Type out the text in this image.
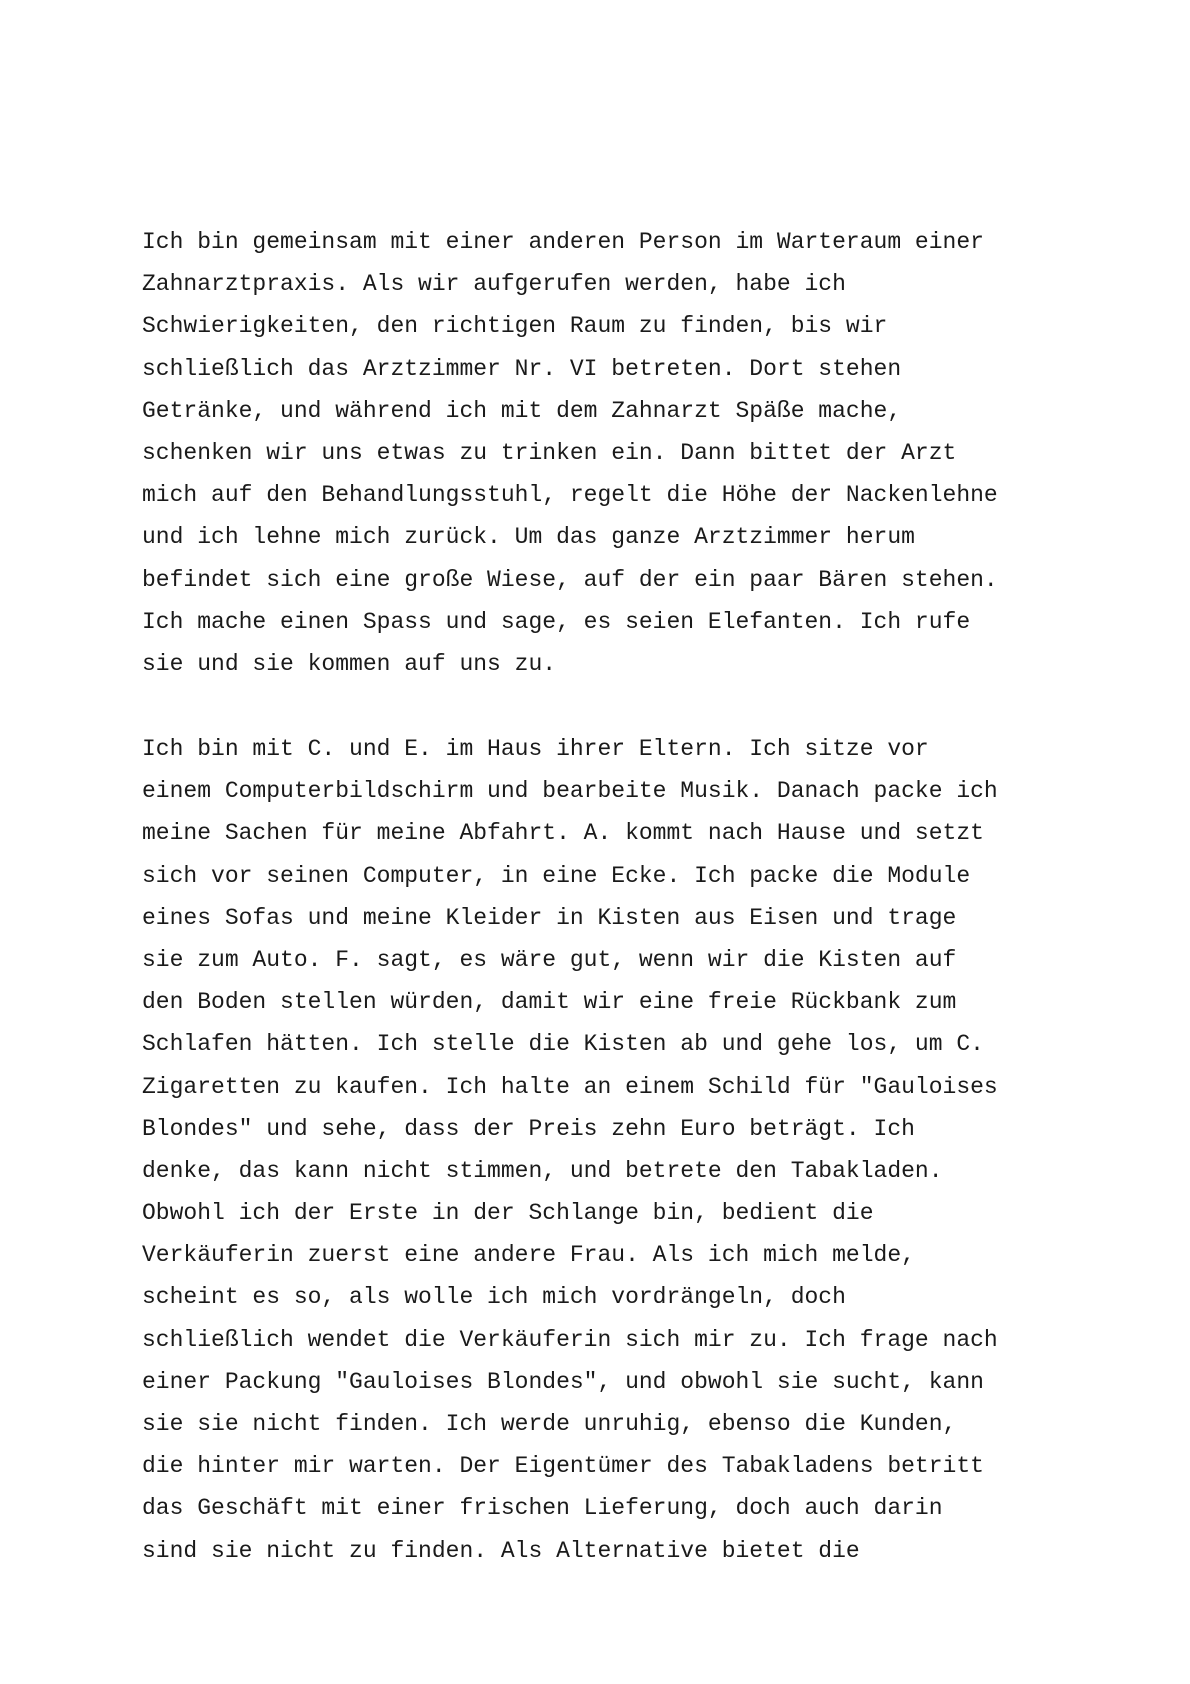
Ich bin gemeinsam mit einer anderen Person im Warteraum einer
Zahnarztpraxis. Als wir aufgerufen werden, habe ich
Schwierigkeiten, den richtigen Raum zu finden, bis wir
schließlich das Arztzimmer Nr. VI betreten. Dort stehen
Getränke, und während ich mit dem Zahnarzt Späße mache,
schenken wir uns etwas zu trinken ein. Dann bittet der Arzt
mich auf den Behandlungsstuhl, regelt die Höhe der Nackenlehne
und ich lehne mich zurück. Um das ganze Arztzimmer herum
befindet sich eine große Wiese, auf der ein paar Bären stehen.
Ich mache einen Spass und sage, es seien Elefanten. Ich rufe
sie und sie kommen auf uns zu.
Ich bin mit C. und E. im Haus ihrer Eltern. Ich sitze vor
einem Computerbildschirm und bearbeite Musik. Danach packe ich
meine Sachen für meine Abfahrt. A. kommt nach Hause und setzt
sich vor seinen Computer, in eine Ecke. Ich packe die Module
eines Sofas und meine Kleider in Kisten aus Eisen und trage
sie zum Auto. F. sagt, es wäre gut, wenn wir die Kisten auf
den Boden stellen würden, damit wir eine freie Rückbank zum
Schlafen hätten. Ich stelle die Kisten ab und gehe los, um C.
Zigaretten zu kaufen. Ich halte an einem Schild für "Gauloises
Blondes" und sehe, dass der Preis zehn Euro beträgt. Ich
denke, das kann nicht stimmen, und betrete den Tabakladen.
Obwohl ich der Erste in der Schlange bin, bedient die
Verkäuferin zuerst eine andere Frau. Als ich mich melde,
scheint es so, als wolle ich mich vordrängeln, doch
schließlich wendet die Verkäuferin sich mir zu. Ich frage nach
einer Packung "Gauloises Blondes", und obwohl sie sucht, kann
sie sie nicht finden. Ich werde unruhig, ebenso die Kunden,
die hinter mir warten. Der Eigentümer des Tabakladens betritt
das Geschäft mit einer frischen Lieferung, doch auch darin
sind sie nicht zu finden. Als Alternative bietet die
